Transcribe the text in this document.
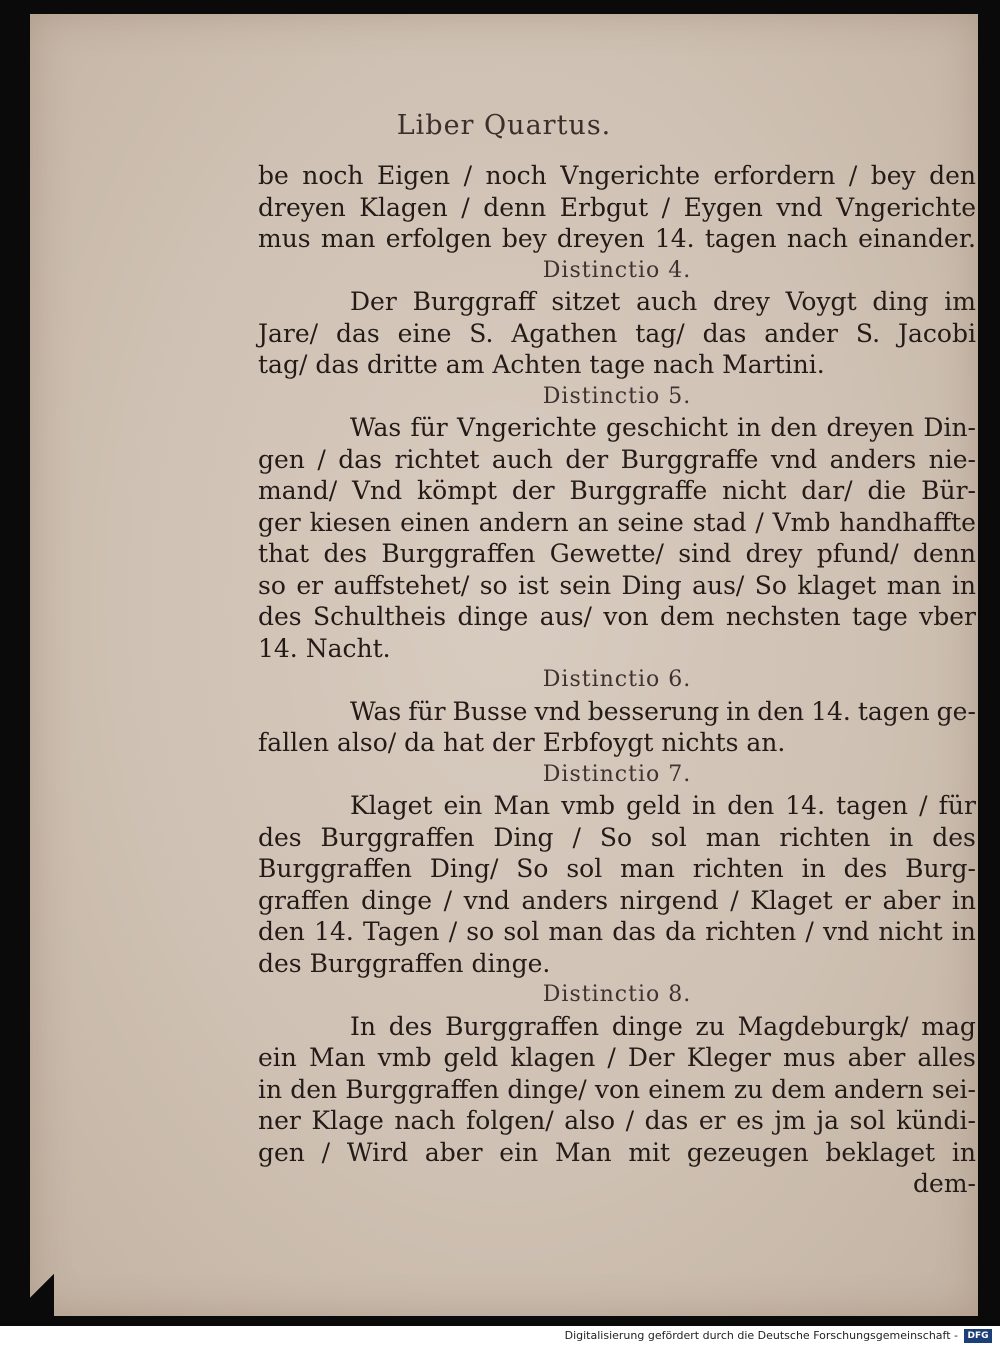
Liber Quartus.
be noch Eigen / noch Vngerichte erfordern / bey den
dreyen Klagen / denn Erbgut / Eygen vnd Vngerichte
mus man erfolgen bey dreyen 14. tagen nach einander.
Distinctio 4.
Der Burggraff sitzet auch drey Voygt ding im
Jare/ das eine S. Agathen tag/ das ander S. Jacobi
tag/ das dritte am Achten tage nach Martini.
Distinctio 5.
Was für Vngerichte geschicht in den dreyen Din-
gen / das richtet auch der Burggraffe vnd anders nie-
mand/ Vnd kömpt der Burggraffe nicht dar/ die Bür-
ger kiesen einen andern an seine stad / Vmb handhaffte
that des Burggraffen Gewette/ sind drey pfund/ denn
so er auffstehet/ so ist sein Ding aus/ So klaget man in
des Schultheis dinge aus/ von dem nechsten tage vber
14. Nacht.
Distinctio 6.
Was für Busse vnd besserung in den 14. tagen ge-
fallen also/ da hat der Erbfoygt nichts an.
Distinctio 7.
Klaget ein Man vmb geld in den 14. tagen / für
des Burggraffen Ding / So sol man richten in des
Burggraffen Ding/ So sol man richten in des Burg-
graffen dinge / vnd anders nirgend / Klaget er aber in
den 14. Tagen / so sol man das da richten / vnd nicht in
des Burggraffen dinge.
Distinctio 8.
In des Burggraffen dinge zu Magdeburgk/ mag
ein Man vmb geld klagen / Der Kleger mus aber alles
in den Burggraffen dinge/ von einem zu dem andern sei-
ner Klage nach folgen/ also / das er es jm ja sol kündi-
gen / Wird aber ein Man mit gezeugen beklaget in
dem-
Digitalisierung gefördert durch die Deutsche Forschungsgemeinschaft -	DFG
